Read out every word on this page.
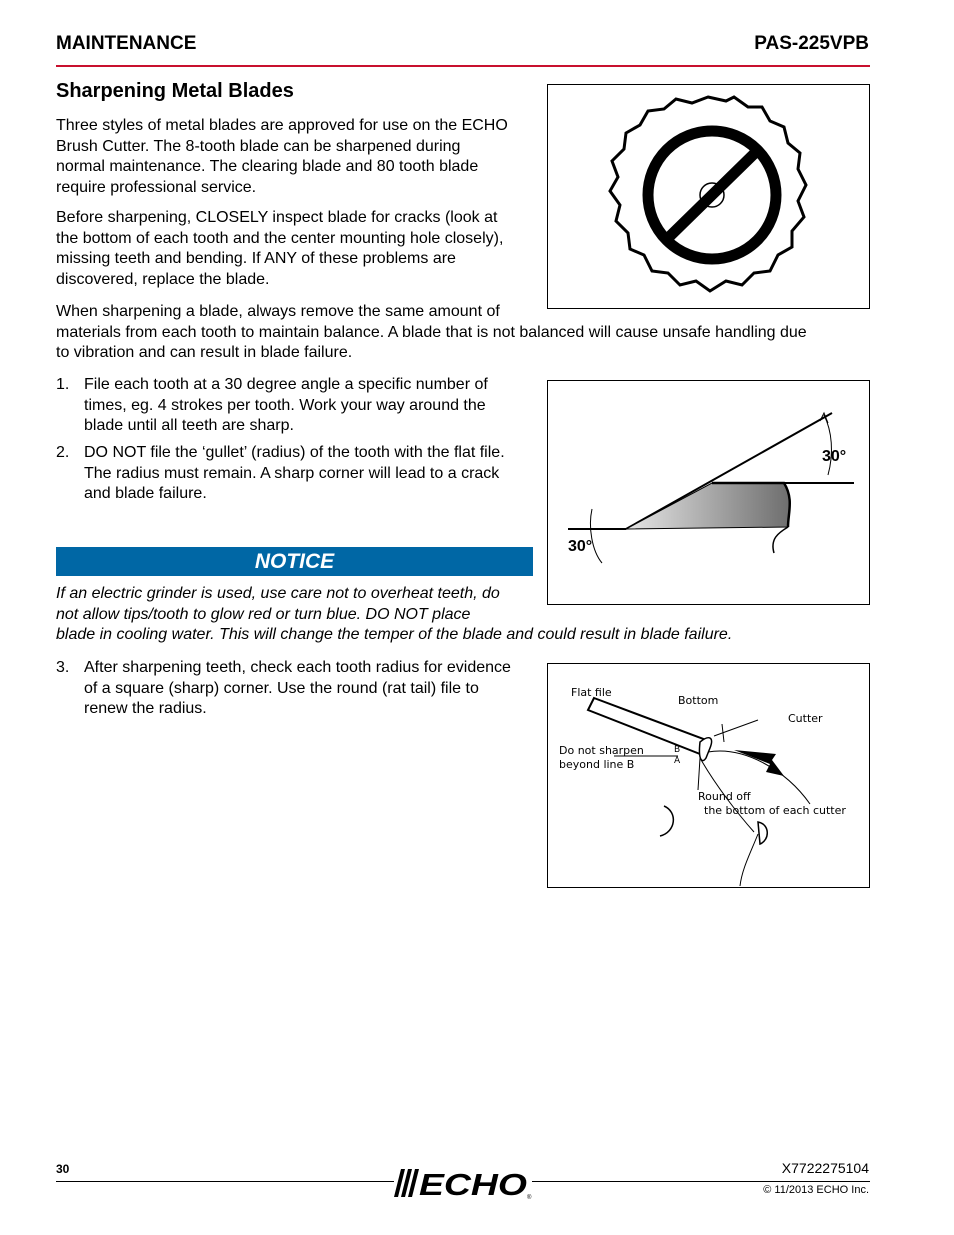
MAINTENANCE	PAS-225VPB
Sharpening Metal Blades
Three styles of metal blades are approved for use on the ECHO
Brush Cutter. The 8-tooth blade can be sharpened during
normal maintenance. The clearing blade and 80 tooth blade
require professional service.
Before sharpening, CLOSELY inspect blade for cracks (look at
the bottom of each tooth and the center mounting hole closely),
missing teeth and bending. If ANY of these problems are
discovered, replace the blade.
When sharpening a blade, always remove the same amount of
materials from each tooth to maintain balance. A blade that is not balanced will cause unsafe handling due
to vibration and can result in blade failure.
1. File each tooth at a 30 degree angle a specific number of
times, eg. 4 strokes per tooth. Work your way around the
blade until all teeth are sharp.
2. DO NOT file the ‘gullet’ (radius) of the tooth with the flat file.
The radius must remain. A sharp corner will lead to a crack
and blade failure.
NOTICE
If an electric grinder is used, use care not to overheat teeth, do
not allow tips/tooth to glow red or turn blue. DO NOT place
blade in cooling water. This will change the temper of the blade and could result in blade failure.
3. After sharpening teeth, check each tooth radius for evidence
of a square (sharp) corner. Use the round (rat tail) file to
renew the radius.
30°
30°
Flat file
Bottom
Cutter
Do not sharpen
beyond line B
B
A
Round off
the bottom of each cutter
30	X7722275104
ECHO ®
© 11/2013 ECHO Inc.
